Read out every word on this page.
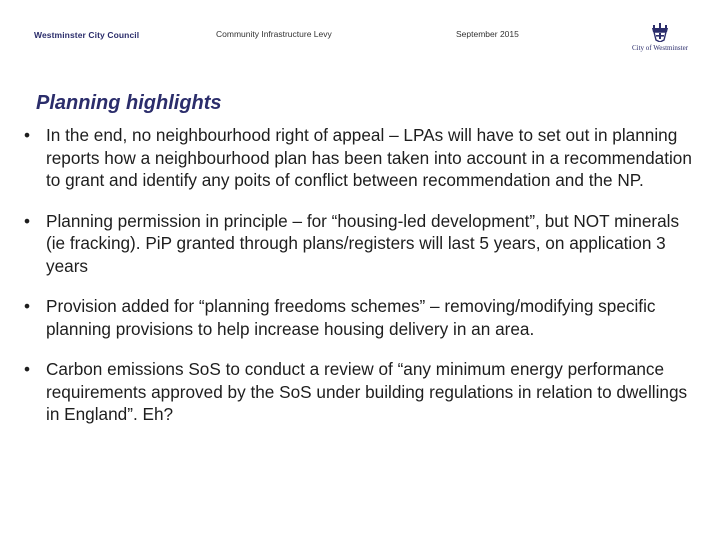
Westminster City Council	Community Infrastructure Levy	September 2015
City of Westminster
Planning highlights
• In the end, no neighbourhood right of appeal – LPAs will have to set out in planning reports how a neighbourhood plan has been taken into account in a recommendation to grant and identify any poits of conflict between recommendation and the NP.
• Planning permission in principle – for “housing-led development”, but NOT minerals (ie fracking). PiP granted through plans/registers will last 5 years, on application 3 years
• Provision added for “planning freedoms schemes” – removing/modifying specific planning provisions to help increase housing delivery in an area.
• Carbon emissions SoS to conduct a review of “any minimum energy performance requirements approved by the SoS under building regulations in relation to dwellings in England”. Eh?
